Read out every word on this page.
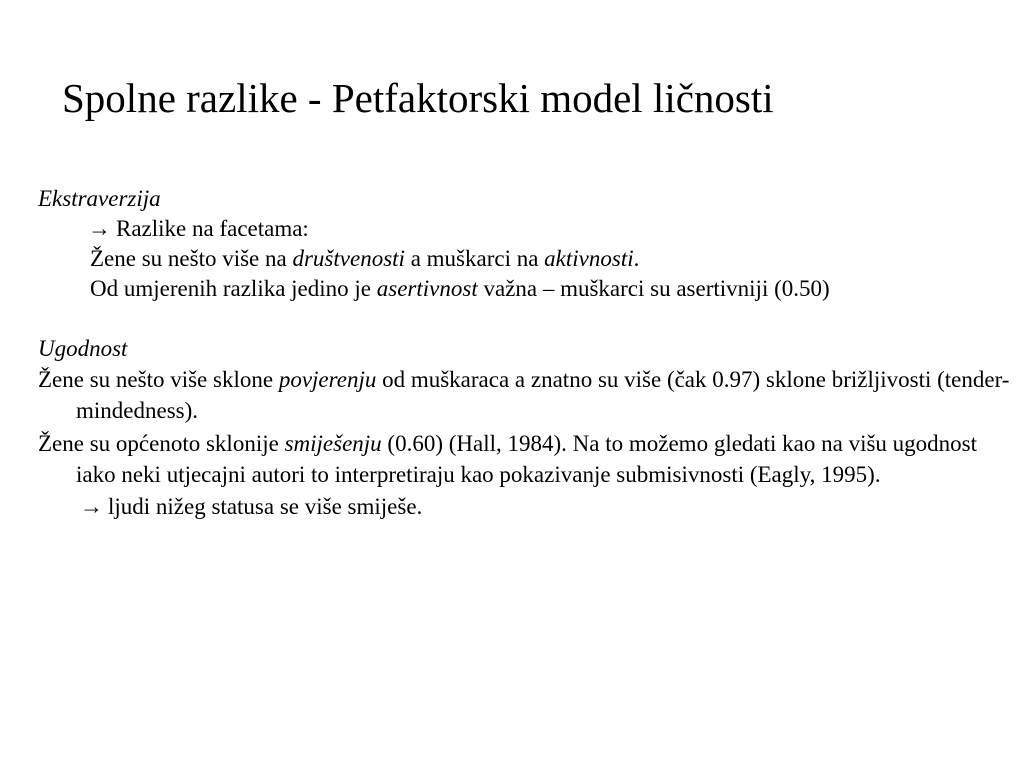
Spolne razlike - Petfaktorski model ličnosti
Ekstraverzija
→ Razlike na facetama:
Žene su nešto više na društvenosti a muškarci na aktivnosti.
Od umjerenih razlika jedino je asertivnost važna – muškarci su asertivniji (0.50)
Ugodnost
Žene su nešto više sklone povjerenju od muškaraca a znatno su više (čak 0.97) sklone brižljivosti (tender-mindedness).
Žene su općenoto sklonije smiješenju (0.60) (Hall, 1984). Na to možemo gledati kao na višu ugodnost iako neki utjecajni autori to interpretiraju kao pokazivanje submisivnosti (Eagly, 1995).
→ ljudi nižeg statusa se više smiješe.
